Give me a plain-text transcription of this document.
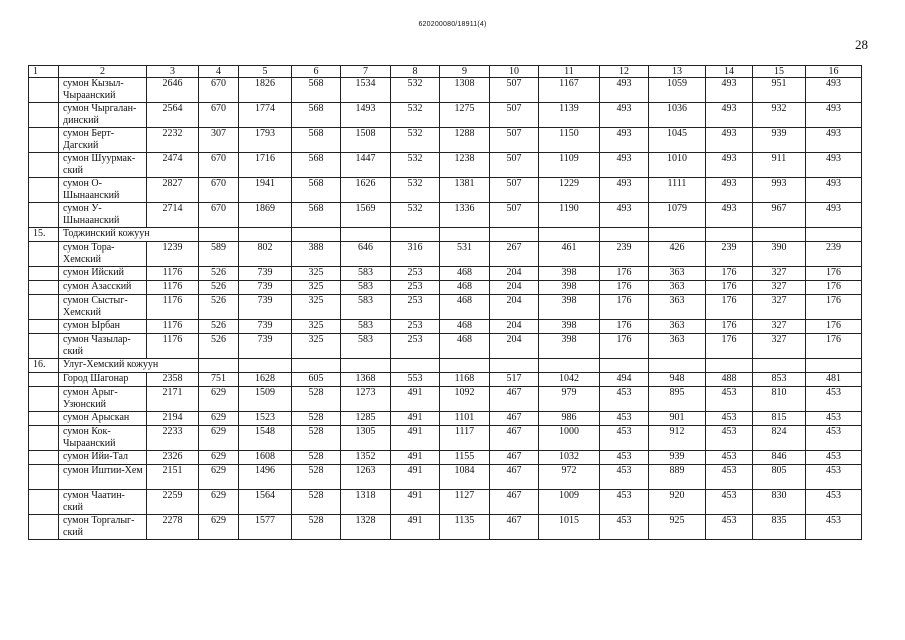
620200080/18911(4)
28
1	2	3	4	5	6	7	8	9	10	11	12	13	14	15	16
	сумон Кызыл-Чыраанский	2646	670	1826	568	1534	532	1308	507	1167	493	1059	493	951	493
	сумон Чыргалан-динский	2564	670	1774	568	1493	532	1275	507	1139	493	1036	493	932	493
	сумон Берт-Дагский	2232	307	1793	568	1508	532	1288	507	1150	493	1045	493	939	493
	сумон Шуурмак-ский	2474	670	1716	568	1447	532	1238	507	1109	493	1010	493	911	493
	сумон О-Шынаанский	2827	670	1941	568	1626	532	1381	507	1229	493	1111	493	993	493
	сумон У-Шынаанский	2714	670	1869	568	1569	532	1336	507	1190	493	1079	493	967	493
15.	Тоджинский кожуун														
	сумон Тора-Хемский	1239	589	802	388	646	316	531	267	461	239	426	239	390	239
	сумон Ийский	1176	526	739	325	583	253	468	204	398	176	363	176	327	176
	сумон Азасский	1176	526	739	325	583	253	468	204	398	176	363	176	327	176
	сумон Сыстыг-Хемский	1176	526	739	325	583	253	468	204	398	176	363	176	327	176
	сумон Ырбан	1176	526	739	325	583	253	468	204	398	176	363	176	327	176
	сумон Чазылар-ский	1176	526	739	325	583	253	468	204	398	176	363	176	327	176
16.	Улуг-Хемский кожуун														
	Город Шагонар	2358	751	1628	605	1368	553	1168	517	1042	494	948	488	853	481
	сумон Арыг-Узюнский	2171	629	1509	528	1273	491	1092	467	979	453	895	453	810	453
	сумон Арыскан	2194	629	1523	528	1285	491	1101	467	986	453	901	453	815	453
	сумон Кок-Чыраанский	2233	629	1548	528	1305	491	1117	467	1000	453	912	453	824	453
	сумон Ийи-Тал	2326	629	1608	528	1352	491	1155	467	1032	453	939	453	846	453
	сумон Иштии-Хем	2151	629	1496	528	1263	491	1084	467	972	453	889	453	805	453
	сумон Чаатин-ский	2259	629	1564	528	1318	491	1127	467	1009	453	920	453	830	453
	сумон Торгалыг-ский	2278	629	1577	528	1328	491	1135	467	1015	453	925	453	835	453
